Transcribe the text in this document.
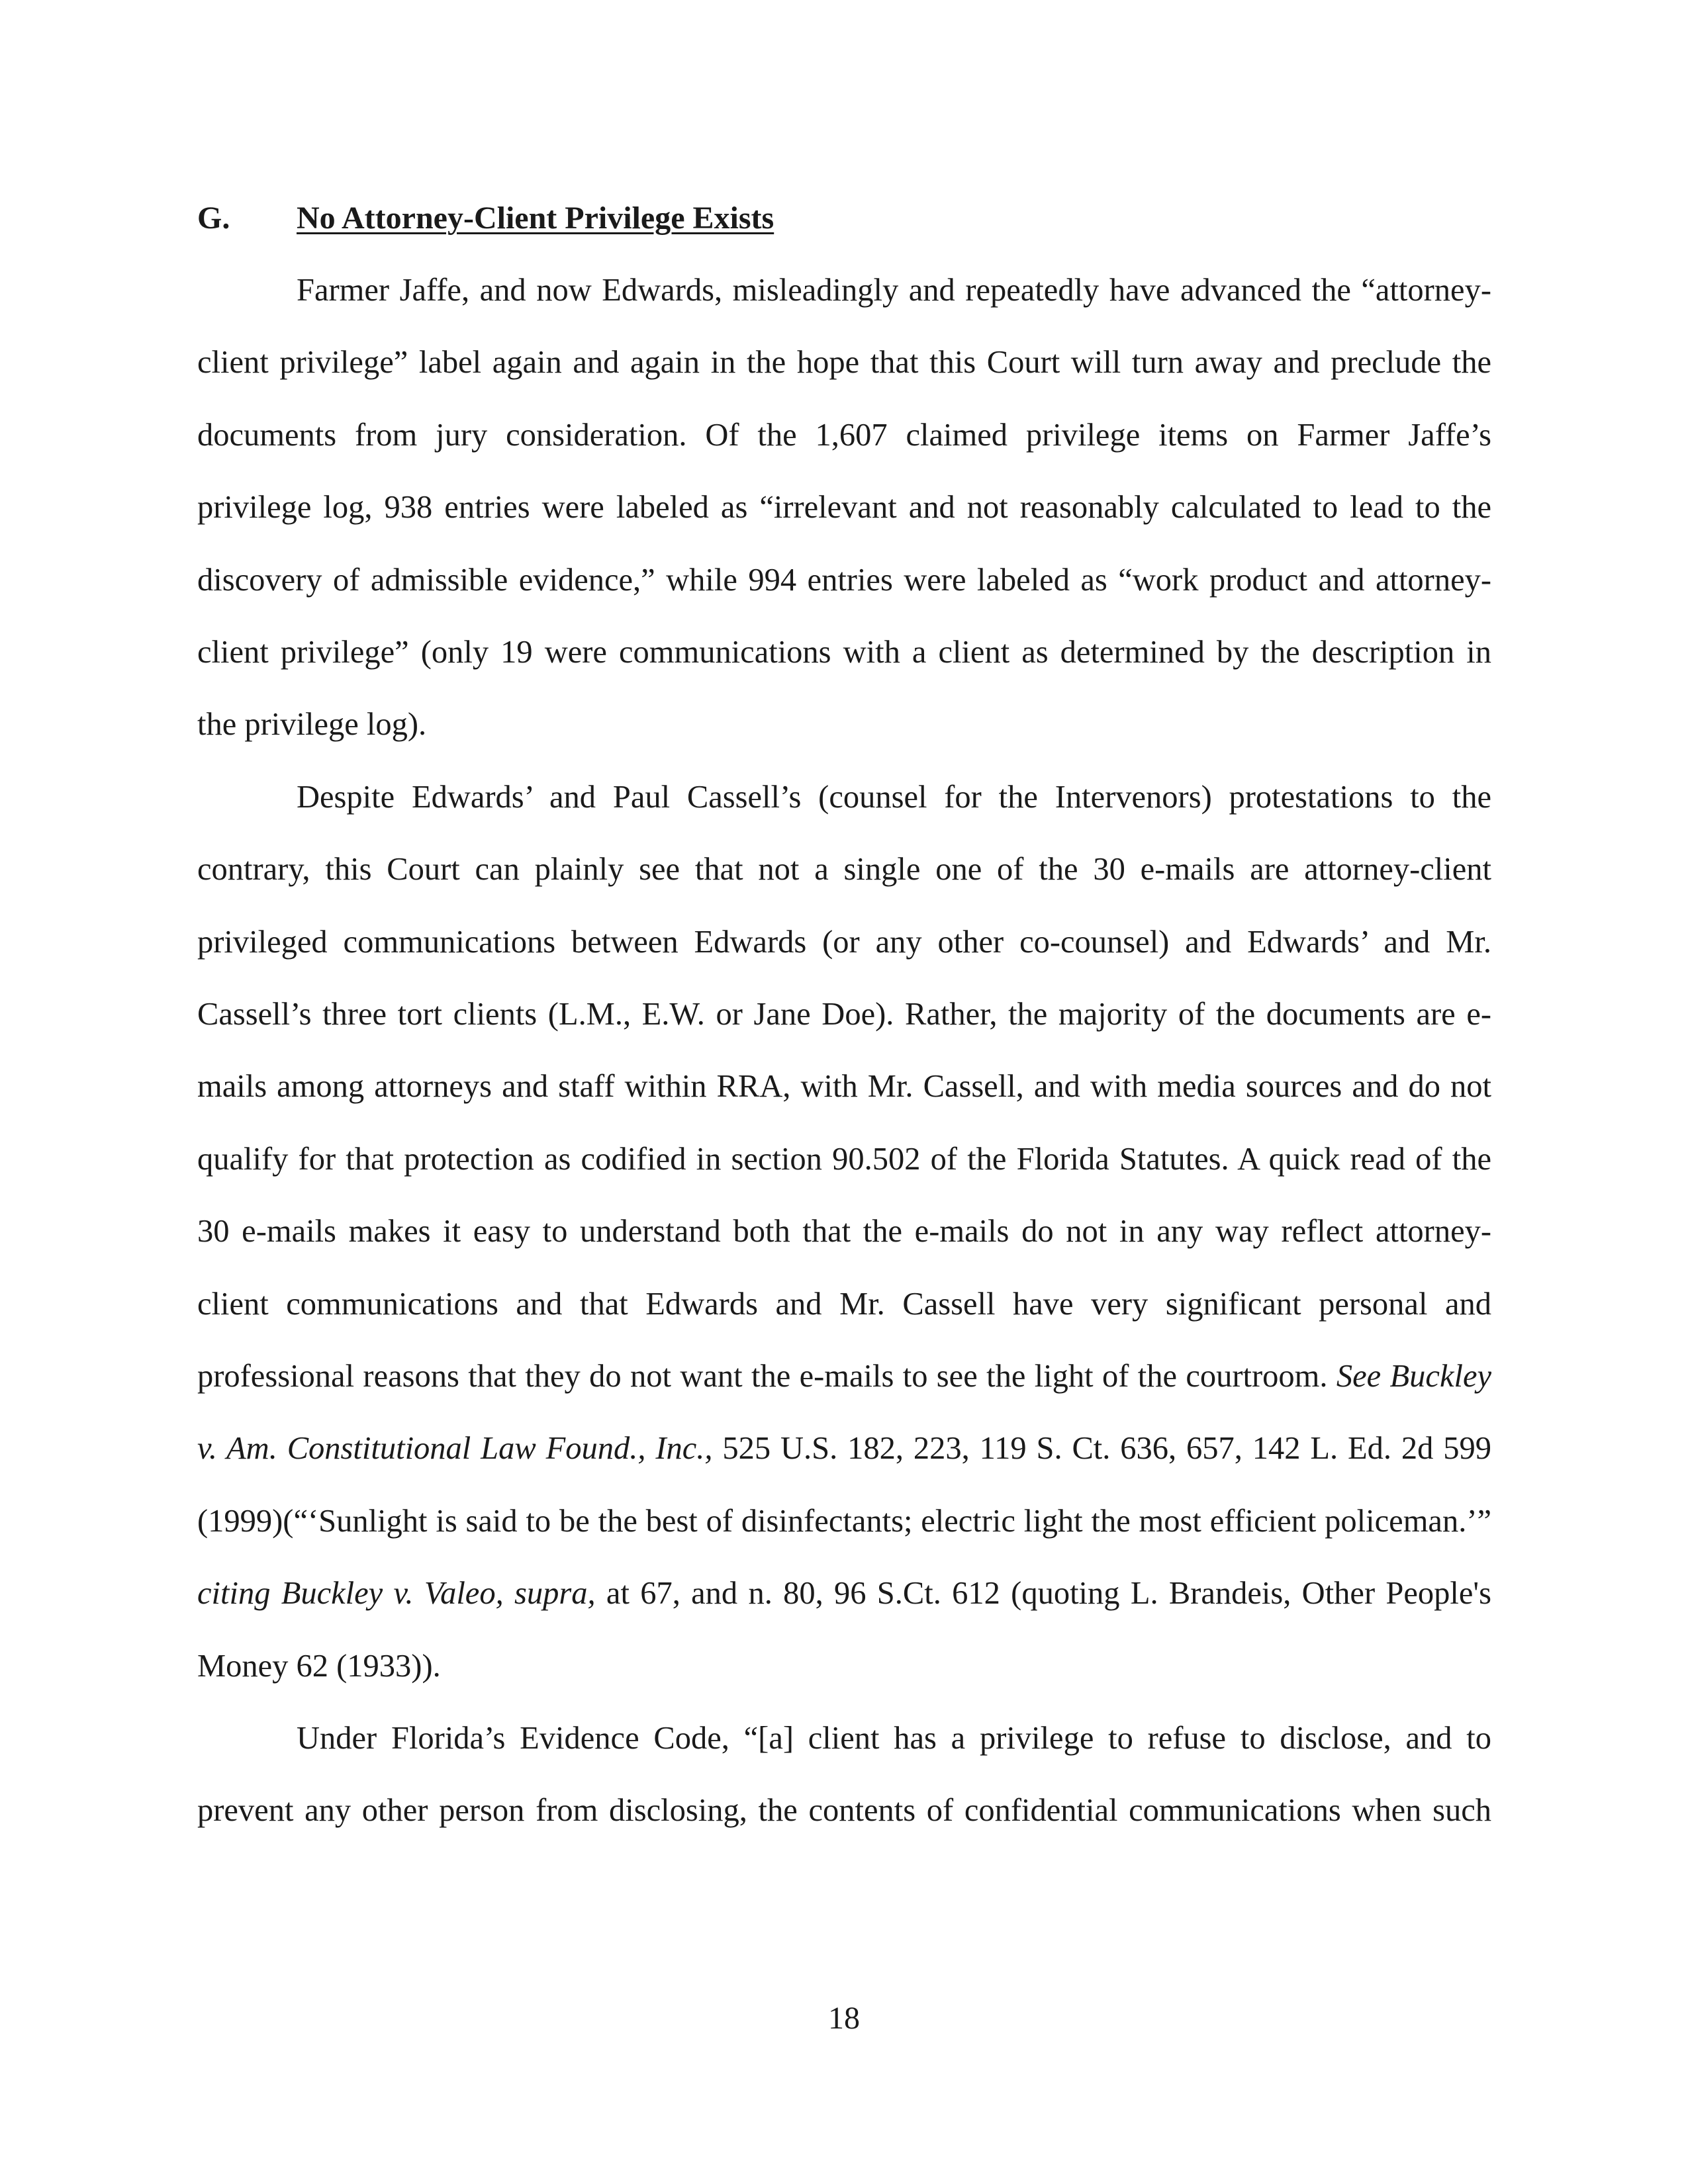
G. No Attorney-Client Privilege Exists
Farmer Jaffe, and now Edwards, misleadingly and repeatedly have advanced the “attorney-
client privilege” label again and again in the hope that this Court will turn away and preclude the
documents from jury consideration. Of the 1,607 claimed privilege items on Farmer Jaffe’s
privilege log, 938 entries were labeled as “irrelevant and not reasonably calculated to lead to the
discovery of admissible evidence,” while 994 entries were labeled as “work product and attorney-
client privilege” (only 19 were communications with a client as determined by the description in
the privilege log).
Despite Edwards’ and Paul Cassell’s (counsel for the Intervenors) protestations to the
contrary, this Court can plainly see that not a single one of the 30 e-mails are attorney-client
privileged communications between Edwards (or any other co-counsel) and Edwards’ and Mr.
Cassell’s three tort clients (L.M., E.W. or Jane Doe). Rather, the majority of the documents are e-
mails among attorneys and staff within RRA, with Mr. Cassell, and with media sources and do not
qualify for that protection as codified in section 90.502 of the Florida Statutes. A quick read of the
30 e-mails makes it easy to understand both that the e-mails do not in any way reflect attorney-
client communications and that Edwards and Mr. Cassell have very significant personal and
professional reasons that they do not want the e-mails to see the light of the courtroom. See Buckley
v. Am. Constitutional Law Found., Inc., 525 U.S. 182, 223, 119 S. Ct. 636, 657, 142 L. Ed. 2d 599
(1999)(“‘Sunlight is said to be the best of disinfectants; electric light the most efficient policeman.’”
citing Buckley v. Valeo, supra, at 67, and n. 80, 96 S.Ct. 612 (quoting L. Brandeis, Other People's
Money 62 (1933)).
Under Florida’s Evidence Code, “[a] client has a privilege to refuse to disclose, and to
prevent any other person from disclosing, the contents of confidential communications when such
18
